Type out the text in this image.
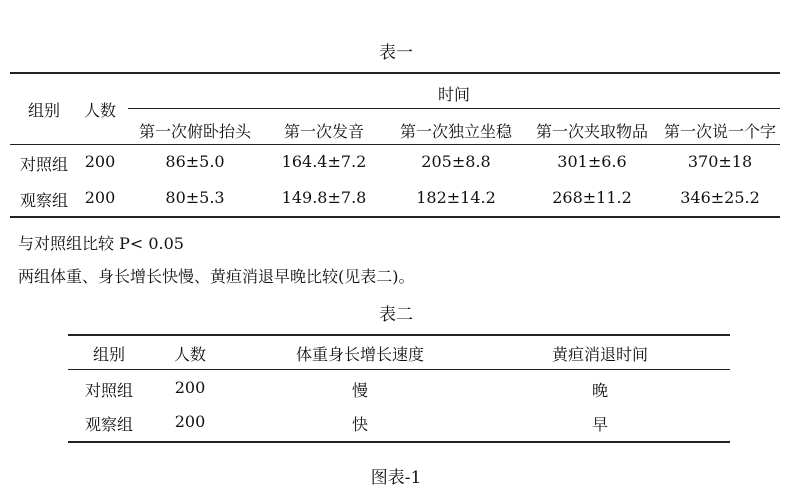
表一
组别	人数
时间
第一次俯卧抬头	第一次发音	第一次独立坐稳	第一次夹取物品 第一次说一个字
对照组	200	86±5.0	164.4±7.2	205±8.8	301±6.6	370±18
观察组	200	80±5.3	149.8±7.8	182±14.2	268±11.2	346±25.2
与对照组比较 P< 0.05
两组体重、身长增长快慢、黄疸消退早晚比较(见表二)。
表二
组别	人数	体重身长增长速度	黄疸消退时间
对照组	200	慢	晚
观察组	200	快	早
图表-1
